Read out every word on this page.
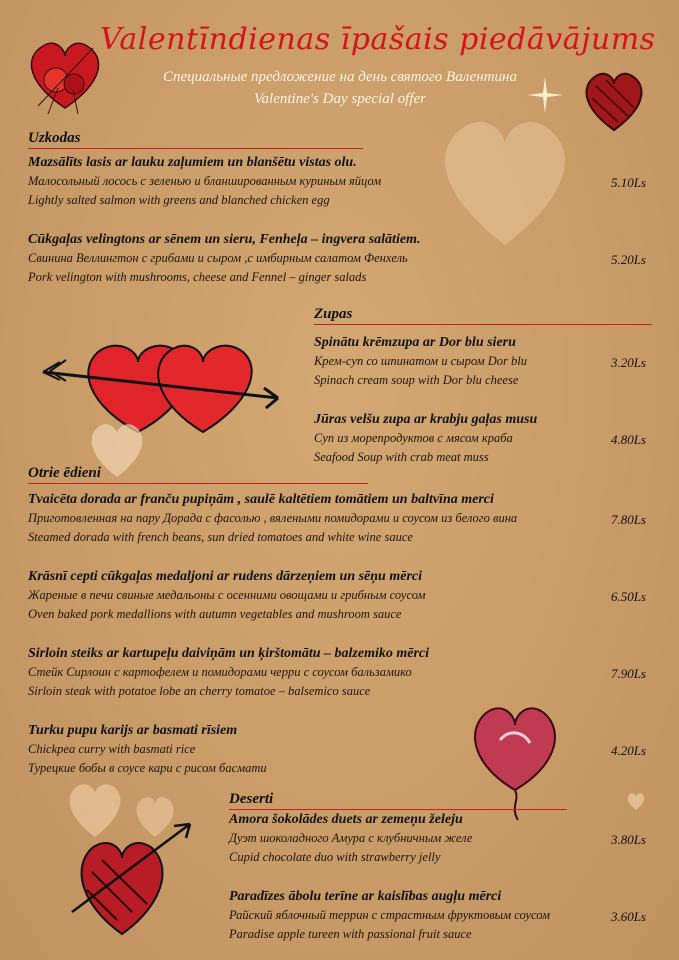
Valentīndienas īpašais piedāvājums
Специальные предложение на день святого Валентина
Valentine's Day special offer
Uzkodas
Mazsālīts lasis ar lauku zaļumiem un blanšētu vistas olu.
Малосольный лосось с зеленью и бланшированным куриным яйцом
Lightly salted salmon with greens and blanched chicken egg
5.10Ls
Cūkgaļas velingtons ar sēnem un sieru, Fenheļa – ingvera salātiem.
Свинина Веллингтон с грибами и сыром ,с имбирным салатом Фенхель
Pork velington with mushrooms, cheese and Fennel – ginger salads
5.20Ls
Zupas
Spinātu krēmzupa ar Dor blu sieru
Крем-суп со шпинатом и сыром Dor blu
Spinach cream soup with Dor blu cheese
3.20Ls
Jūras velšu zupa ar krabju gaļas musu
Суп из морепродуктов с мясом краба
Seafood Soup with crab meat muss
4.80Ls
Otrie ēdieni
Tvaicēta dorada ar franču pupiņām , saulē kaltētiem tomātiem un baltvīna merci
Приготовленная на пару Дорада с фасолью , вялеными помидорами и соусом из белого вина
Steamed dorada with french beans, sun dried tomatoes and white wine sauce
7.80Ls
Krāsnī cepti cūkgaļas medaljoni ar rudens dārzeņiem un sēņu mērci
Жареные в печи свиные медальоны с осенними овощами и грибным соусом
Oven baked pork medallions with autumn vegetables and mushroom sauce
6.50Ls
Sirloin steiks ar kartupeļu daiviņām un ķirštomātu – balzemiko mērci
Стейк Сирлоин с картофелем и помидорами черри с соусом бальзамико
Sirloin steak with potatoe lobe an cherry tomatoe – balsemico sauce
7.90Ls
Turku pupu karijs ar basmati rīsiem
Chickpea curry with basmati rice
Турецкие бобы в соусе кари с рисом басмати
4.20Ls
Deserti
Amora šokolādes duets ar zemeņu želeju
Дуэт шоколадного Амура с клубничным желе
Cupid chocolate duo with strawberry jelly
3.80Ls
Paradīzes ābolu terīne ar kaislības augļu mērci
Райский яблочный террин с страстным фруктовым соусом
Paradise apple tureen with passional fruit sauce
3.60Ls
